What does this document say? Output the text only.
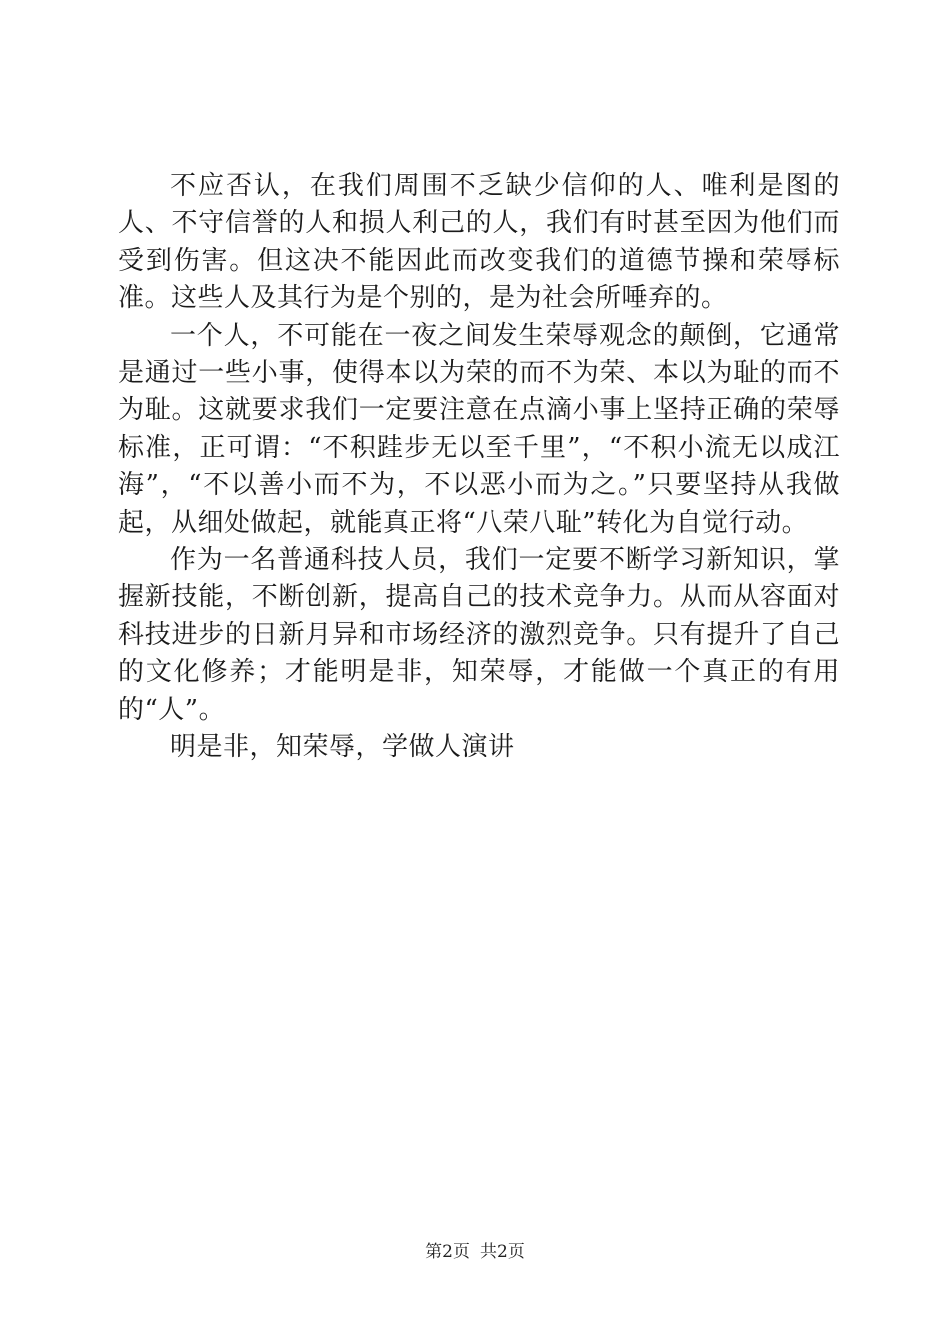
不应否认，在我们周围不乏缺少信仰的人、唯利是图的人、不守信誉的人和损人利己的人，我们有时甚至因为他们而受到伤害。但这决不能因此而改变我们的道德节操和荣辱标准。这些人及其行为是个别的，是为社会所唾弃的。

一个人，不可能在一夜之间发生荣辱观念的颠倒，它通常是通过一些小事，使得本以为荣的而不为荣、本以为耻的而不为耻。这就要求我们一定要注意在点滴小事上坚持正确的荣辱标准，正可谓：“不积跬步无以至千里”，“不积小流无以成江海”，“不以善小而不为，不以恶小而为之。”只要坚持从我做起，从细处做起，就能真正将“八荣八耻”转化为自觉行动。

作为一名普通科技人员，我们一定要不断学习新知识，掌握新技能，不断创新，提高自己的技术竞争力。从而从容面对科技进步的日新月异和市场经济的激烈竞争。只有提升了自己的文化修养；才能明是非，知荣辱，才能做一个真正的有用的“人”。

明是非，知荣辱，学做人演讲

第2页 共2页
